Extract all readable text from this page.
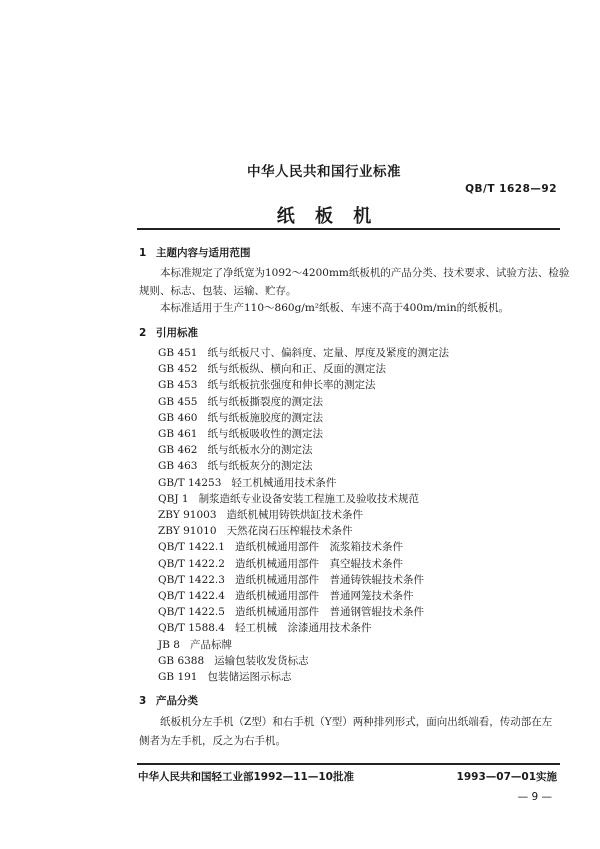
中华人民共和国行业标准
QB/T 1628—92
纸 板 机
1 主题内容与适用范围
本标准规定了净纸宽为1092～4200mm纸板机的产品分类、技术要求、试验方法、检验
规则、标志、包装、运输、贮存。
本标准适用于生产110～860g/m²纸板、车速不高于400m/min的纸板机。
2 引用标准
GB 451 纸与纸板尺寸、偏斜度、定量、厚度及紧度的测定法
GB 452 纸与纸板纵、横向和正、反面的测定法
GB 453 纸与纸板抗张强度和伸长率的测定法
GB 455 纸与纸板撕裂度的测定法
GB 460 纸与纸板施胶度的测定法
GB 461 纸与纸板吸收性的测定法
GB 462 纸与纸板水分的测定法
GB 463 纸与纸板灰分的测定法
GB/T 14253 轻工机械通用技术条件
QBJ 1 制浆造纸专业设备安装工程施工及验收技术规范
ZBY 91003 造纸机械用铸铁烘缸技术条件
ZBY 91010 天然花岗石压榨辊技术条件
QB/T 1422.1 造纸机械通用部件　流浆箱技术条件
QB/T 1422.2 造纸机械通用部件　真空辊技术条件
QB/T 1422.3 造纸机械通用部件　普通铸铁辊技术条件
QB/T 1422.4 造纸机械通用部件　普通网笼技术条件
QB/T 1422.5 造纸机械通用部件　普通钢管辊技术条件
QB/T 1588.4 轻工机械　涂漆通用技术条件
JB 8 产品标牌
GB 6388 运输包装收发货标志
GB 191 包装储运图示标志
3 产品分类
纸板机分左手机（Z型）和右手机（Y型）两种排列形式，面向出纸端看，传动部在左
侧者为左手机，反之为右手机。
中华人民共和国轻工业部1992—11—10批准	1993—07—01实施
— 9 —
